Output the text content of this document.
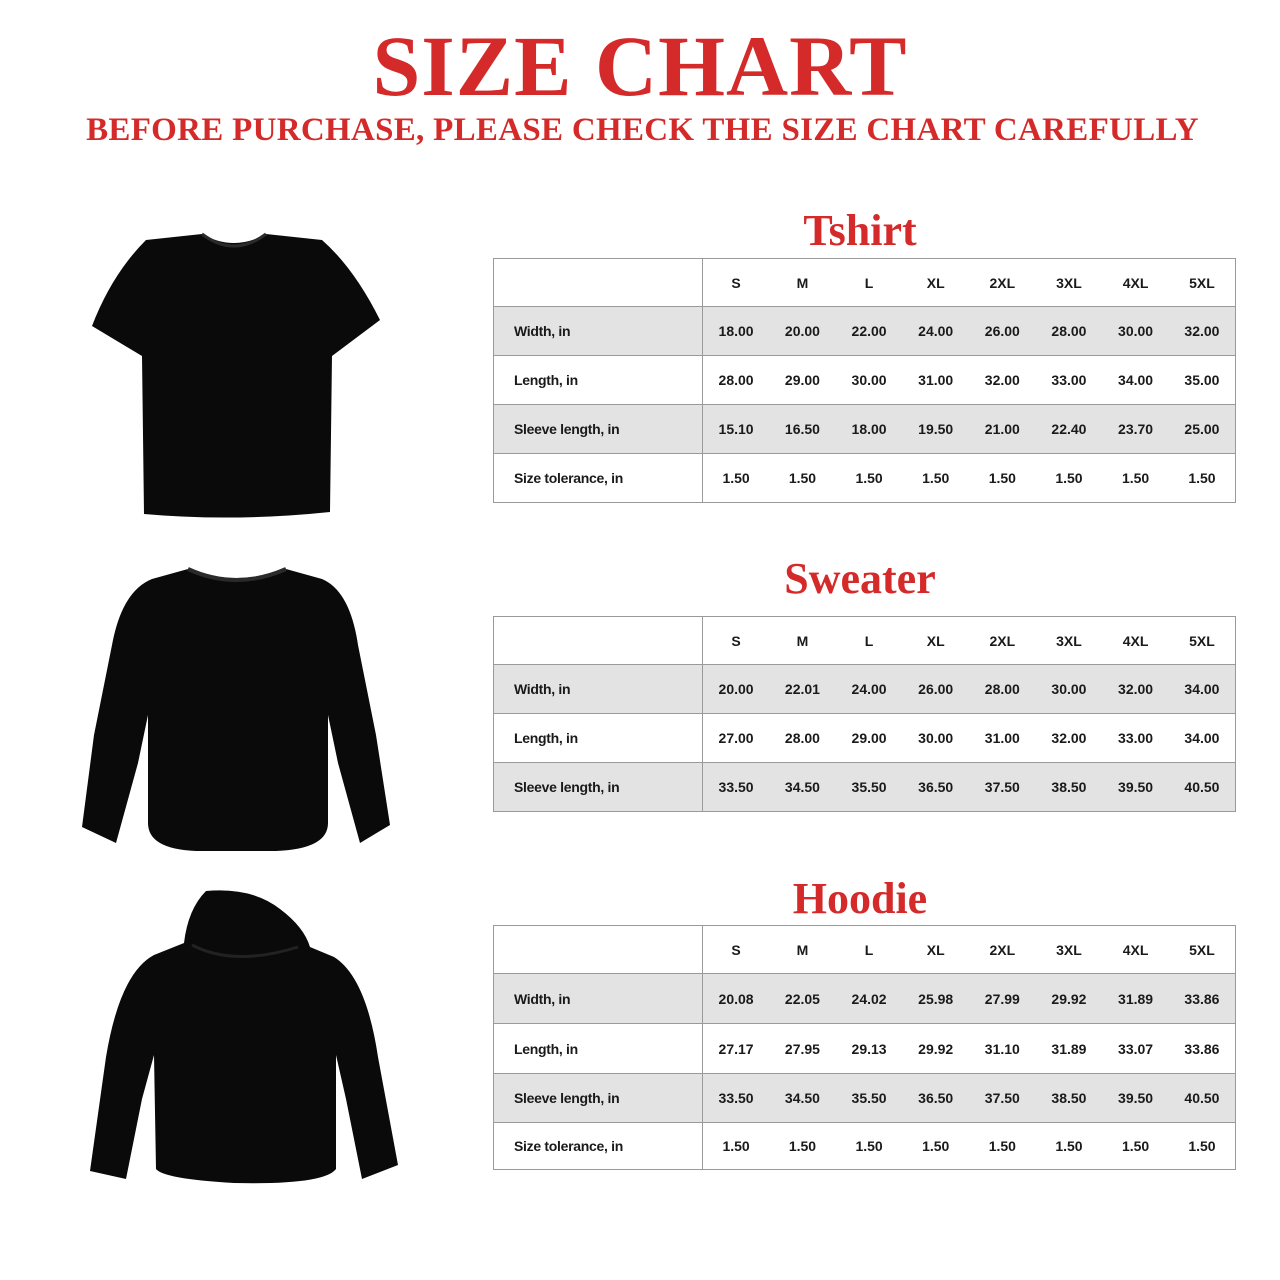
SIZE CHART
BEFORE PURCHASE, PLEASE CHECK THE SIZE CHART CAREFULLY
Tshirt
	S	M	L	XL	2XL	3XL	4XL	5XL
Width, in	18.00	20.00	22.00	24.00	26.00	28.00	30.00	32.00
Length, in	28.00	29.00	30.00	31.00	32.00	33.00	34.00	35.00
Sleeve length, in	15.10	16.50	18.00	19.50	21.00	22.40	23.70	25.00
Size tolerance, in	1.50	1.50	1.50	1.50	1.50	1.50	1.50	1.50
Sweater
	S	M	L	XL	2XL	3XL	4XL	5XL
Width, in	20.00	22.01	24.00	26.00	28.00	30.00	32.00	34.00
Length, in	27.00	28.00	29.00	30.00	31.00	32.00	33.00	34.00
Sleeve length, in	33.50	34.50	35.50	36.50	37.50	38.50	39.50	40.50
Hoodie
	S	M	L	XL	2XL	3XL	4XL	5XL
Width, in	20.08	22.05	24.02	25.98	27.99	29.92	31.89	33.86
Length, in	27.17	27.95	29.13	29.92	31.10	31.89	33.07	33.86
Sleeve length, in	33.50	34.50	35.50	36.50	37.50	38.50	39.50	40.50
Size tolerance, in	1.50	1.50	1.50	1.50	1.50	1.50	1.50	1.50
